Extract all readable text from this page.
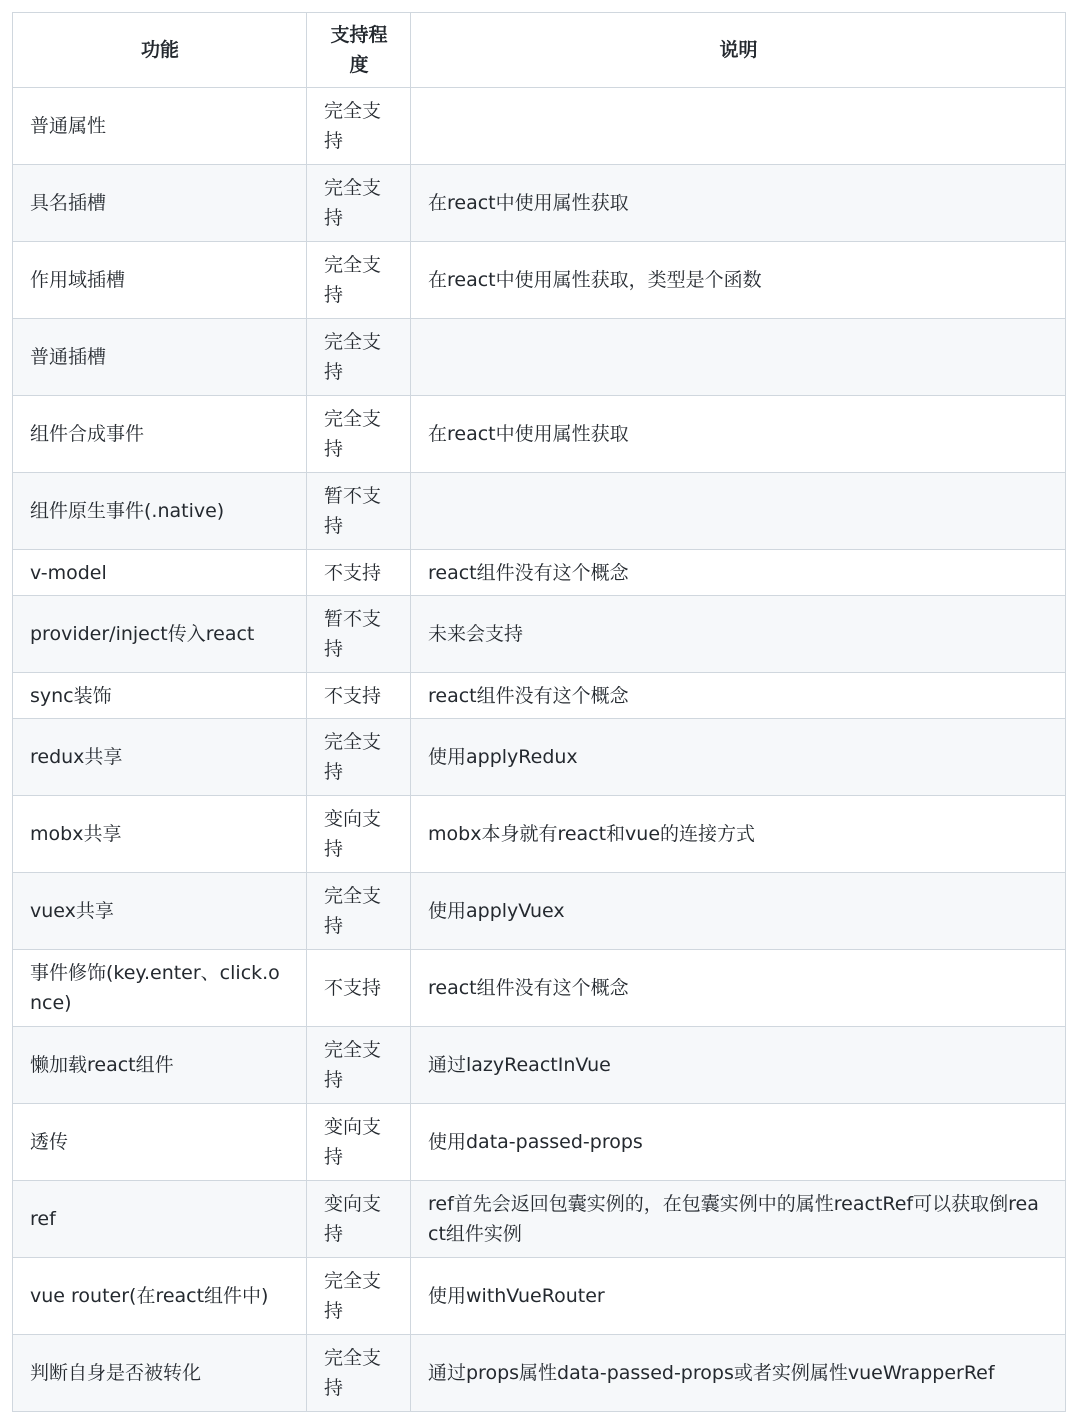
功能	支持程度	说明
普通属性	完全支持	
具名插槽	完全支持	在react中使用属性获取
作用域插槽	完全支持	在react中使用属性获取，类型是个函数
普通插槽	完全支持	
组件合成事件	完全支持	在react中使用属性获取
组件原生事件(.native)	暂不支持	
v-model	不支持	react组件没有这个概念
provider/inject传入react	暂不支持	未来会支持
sync装饰	不支持	react组件没有这个概念
redux共享	完全支持	使用applyRedux
mobx共享	变向支持	mobx本身就有react和vue的连接方式
vuex共享	完全支持	使用applyVuex
事件修饰(key.enter、click.once)	不支持	react组件没有这个概念
懒加载react组件	完全支持	通过lazyReactInVue
透传	变向支持	使用data-passed-props
ref	变向支持	ref首先会返回包囊实例的，在包囊实例中的属性reactRef可以获取倒react组件实例
vue router(在react组件中)	完全支持	使用withVueRouter
判断自身是否被转化	完全支持	通过props属性data-passed-props或者实例属性vueWrapperRef
